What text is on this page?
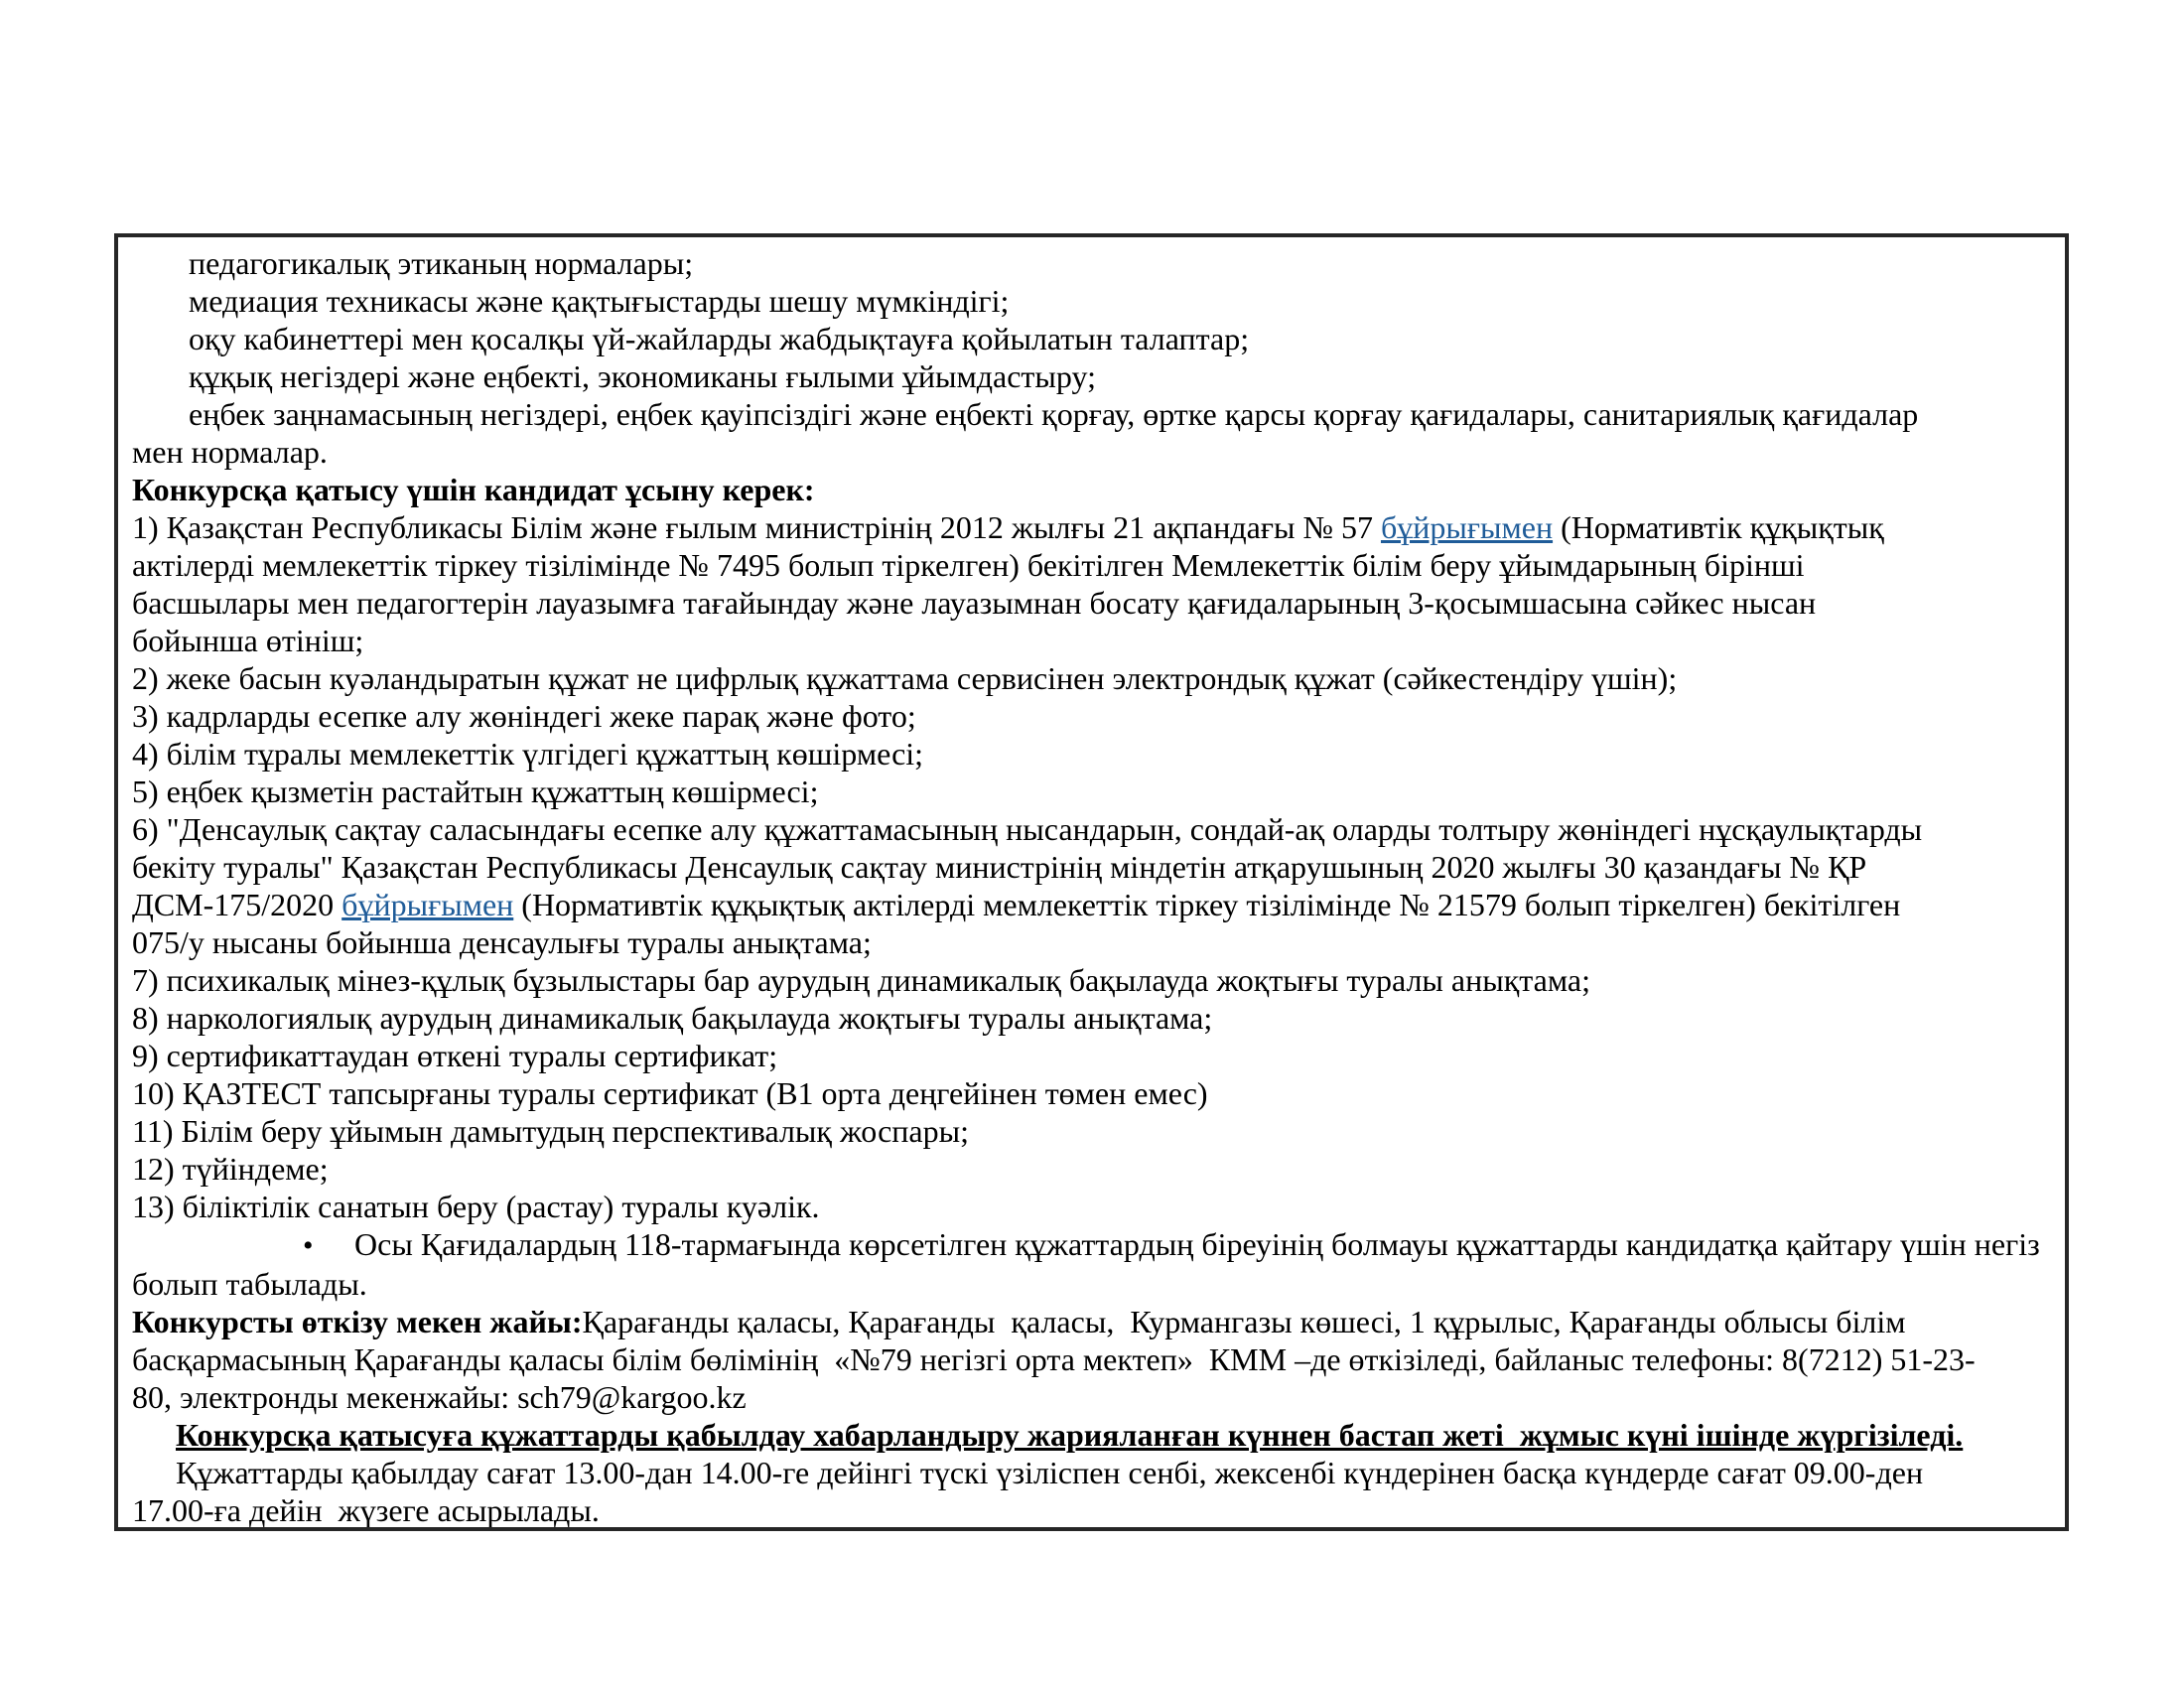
педагогикалық этиканың нормалары;
медиация техникасы және қақтығыстарды шешу мүмкіндігі;
оқу кабинеттері мен қосалқы үй-жайларды жабдықтауға қойылатын талаптар;
құқық негіздері және еңбекті, экономиканы ғылыми ұйымдастыру;
еңбек заңнамасының негіздері, еңбек қауіпсіздігі және еңбекті қорғау, өртке қарсы қорғау қағидалары, санитариялық қағидалар
мен нормалар.
Конкурсқа қатысу үшін кандидат ұсыну керек:
1) Қазақстан Республикасы Білім және ғылым министрінің 2012 жылғы 21 ақпандағы № 57 бұйрығымен (Нормативтік құқықтық
актілерді мемлекеттік тіркеу тізілімінде № 7495 болып тіркелген) бекітілген Мемлекеттік білім беру ұйымдарының бірінші
басшылары мен педагогтерін лауазымға тағайындау және лауазымнан босату қағидаларының 3-қосымшасына сәйкес нысан
бойынша өтініш;
2) жеке басын куәландыратын құжат не цифрлық құжаттама сервисінен электрондық құжат (сәйкестендіру үшін);
3) кадрларды есепке алу жөніндегі жеке парақ және фото;
4) білім тұралы мемлекеттік үлгідегі құжаттың көшірмесі;
5) еңбек қызметін растайтын құжаттың көшірмесі;
6) "Денсаулық сақтау саласындағы есепке алу құжаттамасының нысандарын, сондай-ақ оларды толтыру жөніндегі нұсқаулықтарды
бекіту туралы" Қазақстан Республикасы Денсаулық сақтау министрінің міндетін атқарушының 2020 жылғы 30 қазандағы № ҚР
ДСМ-175/2020 бұйрығымен (Нормативтік құқықтық актілерді мемлекеттік тіркеу тізілімінде № 21579 болып тіркелген) бекітілген
075/у нысаны бойынша денсаулығы туралы анықтама;
7) психикалық мінез-құлық бұзылыстары бар аурудың динамикалық бақылауда жоқтығы туралы анықтама;
8) наркологиялық аурудың динамикалық бақылауда жоқтығы туралы анықтама;
9) сертификаттаудан өткені туралы сертификат;
10) ҚАЗТЕСТ тапсырғаны туралы сертификат (B1 орта деңгейінен төмен емес)
11) Білім беру ұйымын дамытудың перспективалық жоспары;
12) түйіндеме;
13) біліктілік санатын беру (растау) туралы куәлік.
• Осы Қағидалардың 118-тармағында көрсетілген құжаттардың біреуінің болмауы құжаттарды кандидатқа қайтару үшін негіз
болып табылады.
Конкурсты өткізу мекен жайы:Қарағанды қаласы, Қарағанды  қаласы,  Курмангазы көшесі, 1 құрылыс, Қарағанды облысы білім
басқармасының Қарағанды қаласы білім бөлімінің  «№79 негізгі орта мектеп»  КММ –де өткізіледі, байланыс телефоны: 8(7212) 51-23-
80, электронды мекенжайы: sch79@kargoo.kz
Конкурсқа қатысуға құжаттарды қабылдау хабарландыру жарияланған күннен бастап жеті  жұмыс күні ішінде жүргізіледі.
Құжаттарды қабылдау сағат 13.00-дан 14.00-ге дейінгі түскі үзіліспен сенбі, жексенбі күндерінен басқа күндерде сағат 09.00-ден
17.00-ға дейін  жүзеге асырылады.
